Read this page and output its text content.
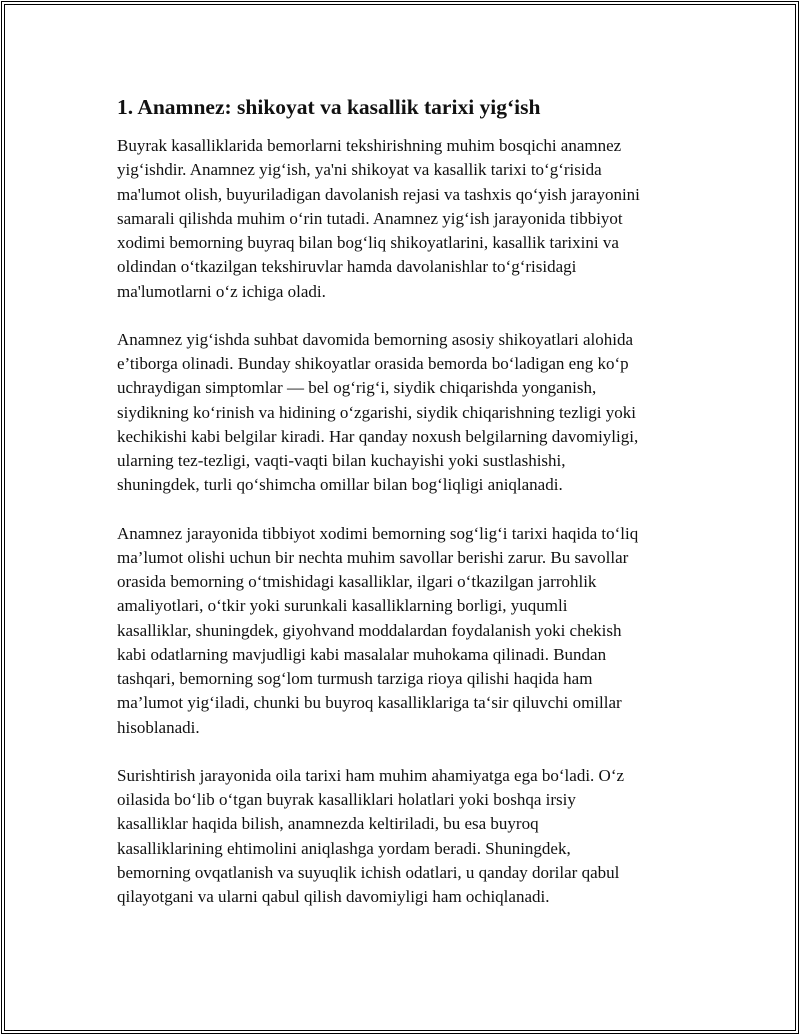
1. Anamnez: shikoyat va kasallik tarixi yig‘ish

Buyrak kasalliklarida bemorlarni tekshirishning muhim bosqichi anamnez
yig‘ishdir. Anamnez yig‘ish, ya'ni shikoyat va kasallik tarixi to‘g‘risida
ma'lumot olish, buyuriladigan davolanish rejasi va tashxis qo‘yish jarayonini
samarali qilishda muhim o‘rin tutadi. Anamnez yig‘ish jarayonida tibbiyot
xodimi bemorning buyraq bilan bog‘liq shikoyatlarini, kasallik tarixini va
oldindan o‘tkazilgan tekshiruvlar hamda davolanishlar to‘g‘risidagi
ma'lumotlarni o‘z ichiga oladi.

Anamnez yig‘ishda suhbat davomida bemorning asosiy shikoyatlari alohida
e’tiborga olinadi. Bunday shikoyatlar orasida bemorda bo‘ladigan eng ko‘p
uchraydigan simptomlar — bel og‘rig‘i, siydik chiqarishda yonganish,
siydikning ko‘rinish va hidining o‘zgarishi, siydik chiqarishning tezligi yoki
kechikishi kabi belgilar kiradi. Har qanday noxush belgilarning davomiyligi,
ularning tez-tezligi, vaqti-vaqti bilan kuchayishi yoki sustlashishi,
shuningdek, turli qo‘shimcha omillar bilan bog‘liqligi aniqlanadi.

Anamnez jarayonida tibbiyot xodimi bemorning sog‘lig‘i tarixi haqida to‘liq
ma’lumot olishi uchun bir nechta muhim savollar berishi zarur. Bu savollar
orasida bemorning o‘tmishidagi kasalliklar, ilgari o‘tkazilgan jarrohlik
amaliyotlari, o‘tkir yoki surunkali kasalliklarning borligi, yuqumli
kasalliklar, shuningdek, giyohvand moddalardan foydalanish yoki chekish
kabi odatlarning mavjudligi kabi masalalar muhokama qilinadi. Bundan
tashqari, bemorning sog‘lom turmush tarziga rioya qilishi haqida ham
ma’lumot yig‘iladi, chunki bu buyroq kasalliklariga ta‘sir qiluvchi omillar
hisoblanadi.

Surishtirish jarayonida oila tarixi ham muhim ahamiyatga ega bo‘ladi. O‘z
oilasida bo‘lib o‘tgan buyrak kasalliklari holatlari yoki boshqa irsiy
kasalliklar haqida bilish, anamnezda keltiriladi, bu esa buyroq
kasalliklarining ehtimolini aniqlashga yordam beradi. Shuningdek,
bemorning ovqatlanish va suyuqlik ichish odatlari, u qanday dorilar qabul
qilayotgani va ularni qabul qilish davomiyligi ham ochiqlanadi.
